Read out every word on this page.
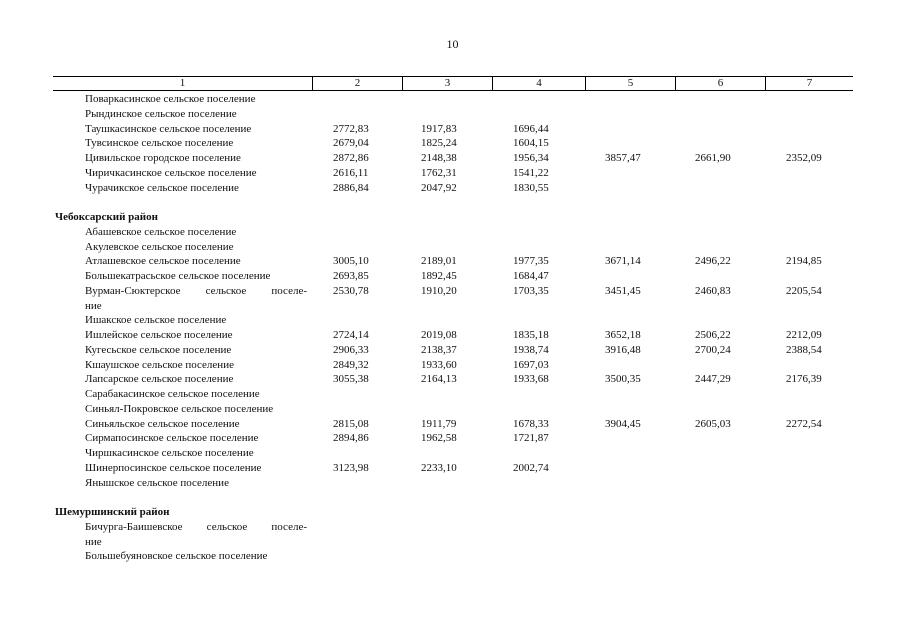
10
1	2	3	4	5	6	7
Поваркасинское сельское поселение
Рындинское сельское поселение
Таушкасинское сельское поселение	2772,83	1917,83	1696,44
Тувсинское сельское поселение	2679,04	1825,24	1604,15
Цивильское городское поселение	2872,86	2148,38	1956,34	3857,47	2661,90	2352,09
Чиричкасинское сельское поселение	2616,11	1762,31	1541,22
Чурачикское сельское поселение	2886,84	2047,92	1830,55
Чебоксарский район
Абашевское сельское поселение
Акулевское сельское поселение
Атлашевское сельское поселение	3005,10	2189,01	1977,35	3671,14	2496,22	2194,85
Большекатрасьское сельское поселение	2693,85	1892,45	1684,47
Вурман-Сюктерское сельское поселе- 2530,78	1910,20	1703,35	3451,45	2460,83	2205,54
ние
Ишакское сельское поселение
Ишлейское сельское поселение	2724,14	2019,08	1835,18	3652,18	2506,22	2212,09
Кугесьское сельское поселение	2906,33	2138,37	1938,74	3916,48	2700,24	2388,54
Кшаушское сельское поселение	2849,32	1933,60	1697,03
Лапсарское сельское поселение	3055,38	2164,13	1933,68	3500,35	2447,29	2176,39
Сарабакасинское сельское поселение
Синьял-Покровское сельское поселение
Синьяльское сельское поселение	2815,08	1911,79	1678,33	3904,45	2605,03	2272,54
Сирмапосинское сельское поселение	2894,86	1962,58	1721,87
Чиршкасинское сельское поселение
Шинерпосинское сельское поселение	3123,98	2233,10	2002,74
Янышское сельское поселение
Шемуршинский район
Бичурга-Баишевское сельское поселе-
ние
Большебуяновское сельское поселение
